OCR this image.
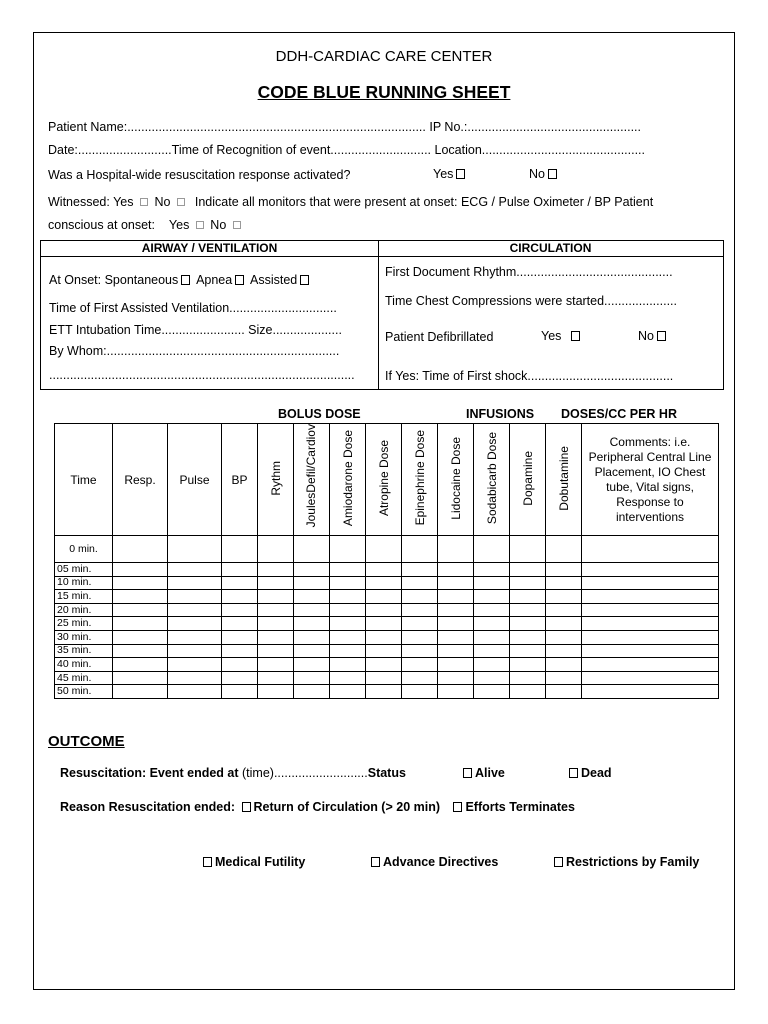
DDH-CARDIAC CARE CENTER
CODE BLUE RUNNING SHEET
Patient Name:...................................................................................... IP No.:..................................................
Date:...........................Time of Recognition of event............................. Location...............................................
Was a Hospital-wide resuscitation response activated?	Yes	No
Witnessed: Yes No Indicate all monitors that were present at onset: ECG / Pulse Oximeter / BP Patient
conscious at onset: Yes No
AIRWAY / VENTILATION	CIRCULATION
At Onset: Spontaneous Apnea Assisted
Time of First Assisted Ventilation...............................
ETT Intubation Time........................ Size....................
By Whom:...................................................................
........................................................................................
First Document Rhythm.............................................
Time Chest Compressions were started.....................
Patient Defibrillated	Yes	No
If Yes: Time of First shock..........................................
BOLUS DOSE	INFUSIONS DOSES/CC PER HR
Time	Resp.	Pulse	BP	Rythm	JoulesDefil/Cardiov	Amiodarone Dose	Atropine Dose	Epinephrine Dose	Lidocaine Dose	Sodabicarb Dose	Dopamine	Dobutamine	Comments: i.e. Peripheral Central Line Placement, IO Chest tube, Vital signs, Response to interventions
0 min.													
05 min.													
10 min.													
15 min.													
20 min.													
25 min.													
30 min.													
35 min.													
40 min.													
45 min.													
50 min.													
OUTCOME
Resuscitation: Event ended at (time)...........................Status	Alive	Dead
Reason Resuscitation ended: Return of Circulation (> 20 min) Efforts Terminates
Medical Futility	Advance Directives	Restrictions by Family
